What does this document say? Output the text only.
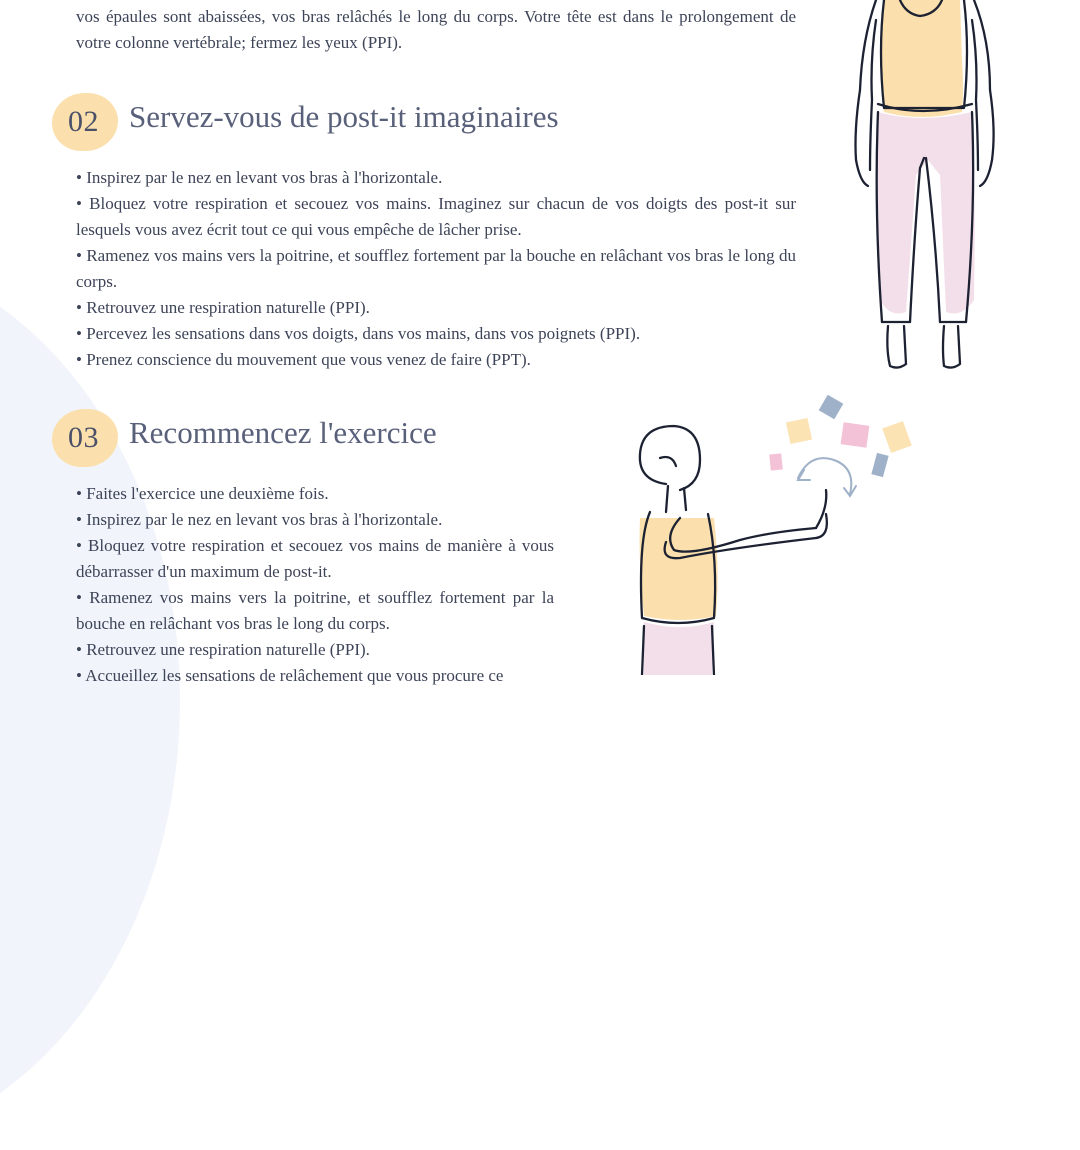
vos épaules sont abaissées, vos bras relâchés le long du corps. Votre tête est dans le prolongement de votre colonne vertébrale; fermez les yeux (PPI).

02 Servez-vous de post-it imaginaires

• Inspirez par le nez en levant vos bras à l'horizontale.

• Bloquez votre respiration et secouez vos mains. Imaginez sur chacun de vos doigts des post-it sur lesquels vous avez écrit tout ce qui vous empêche de lâcher prise.

• Ramenez vos mains vers la poitrine, et soufflez fortement par la bouche en relâchant vos bras le long du corps.

• Retrouvez une respiration naturelle (PPI).

• Percevez les sensations dans vos doigts, dans vos mains, dans vos poignets (PPI).

• Prenez conscience du mouvement que vous venez de faire (PPT).

03 Recommencez l'exercice

• Faites l'exercice une deuxième fois.

• Inspirez par le nez en levant vos bras à l'horizontale.

• Bloquez votre respiration et secouez vos mains de manière à vous débarrasser d'un maximum de post-it.

• Ramenez vos mains vers la poitrine, et soufflez fortement par la bouche en relâchant vos bras le long du corps.

• Retrouvez une respiration naturelle (PPI).

• Accueillez les sensations de relâchement que vous procure ce
